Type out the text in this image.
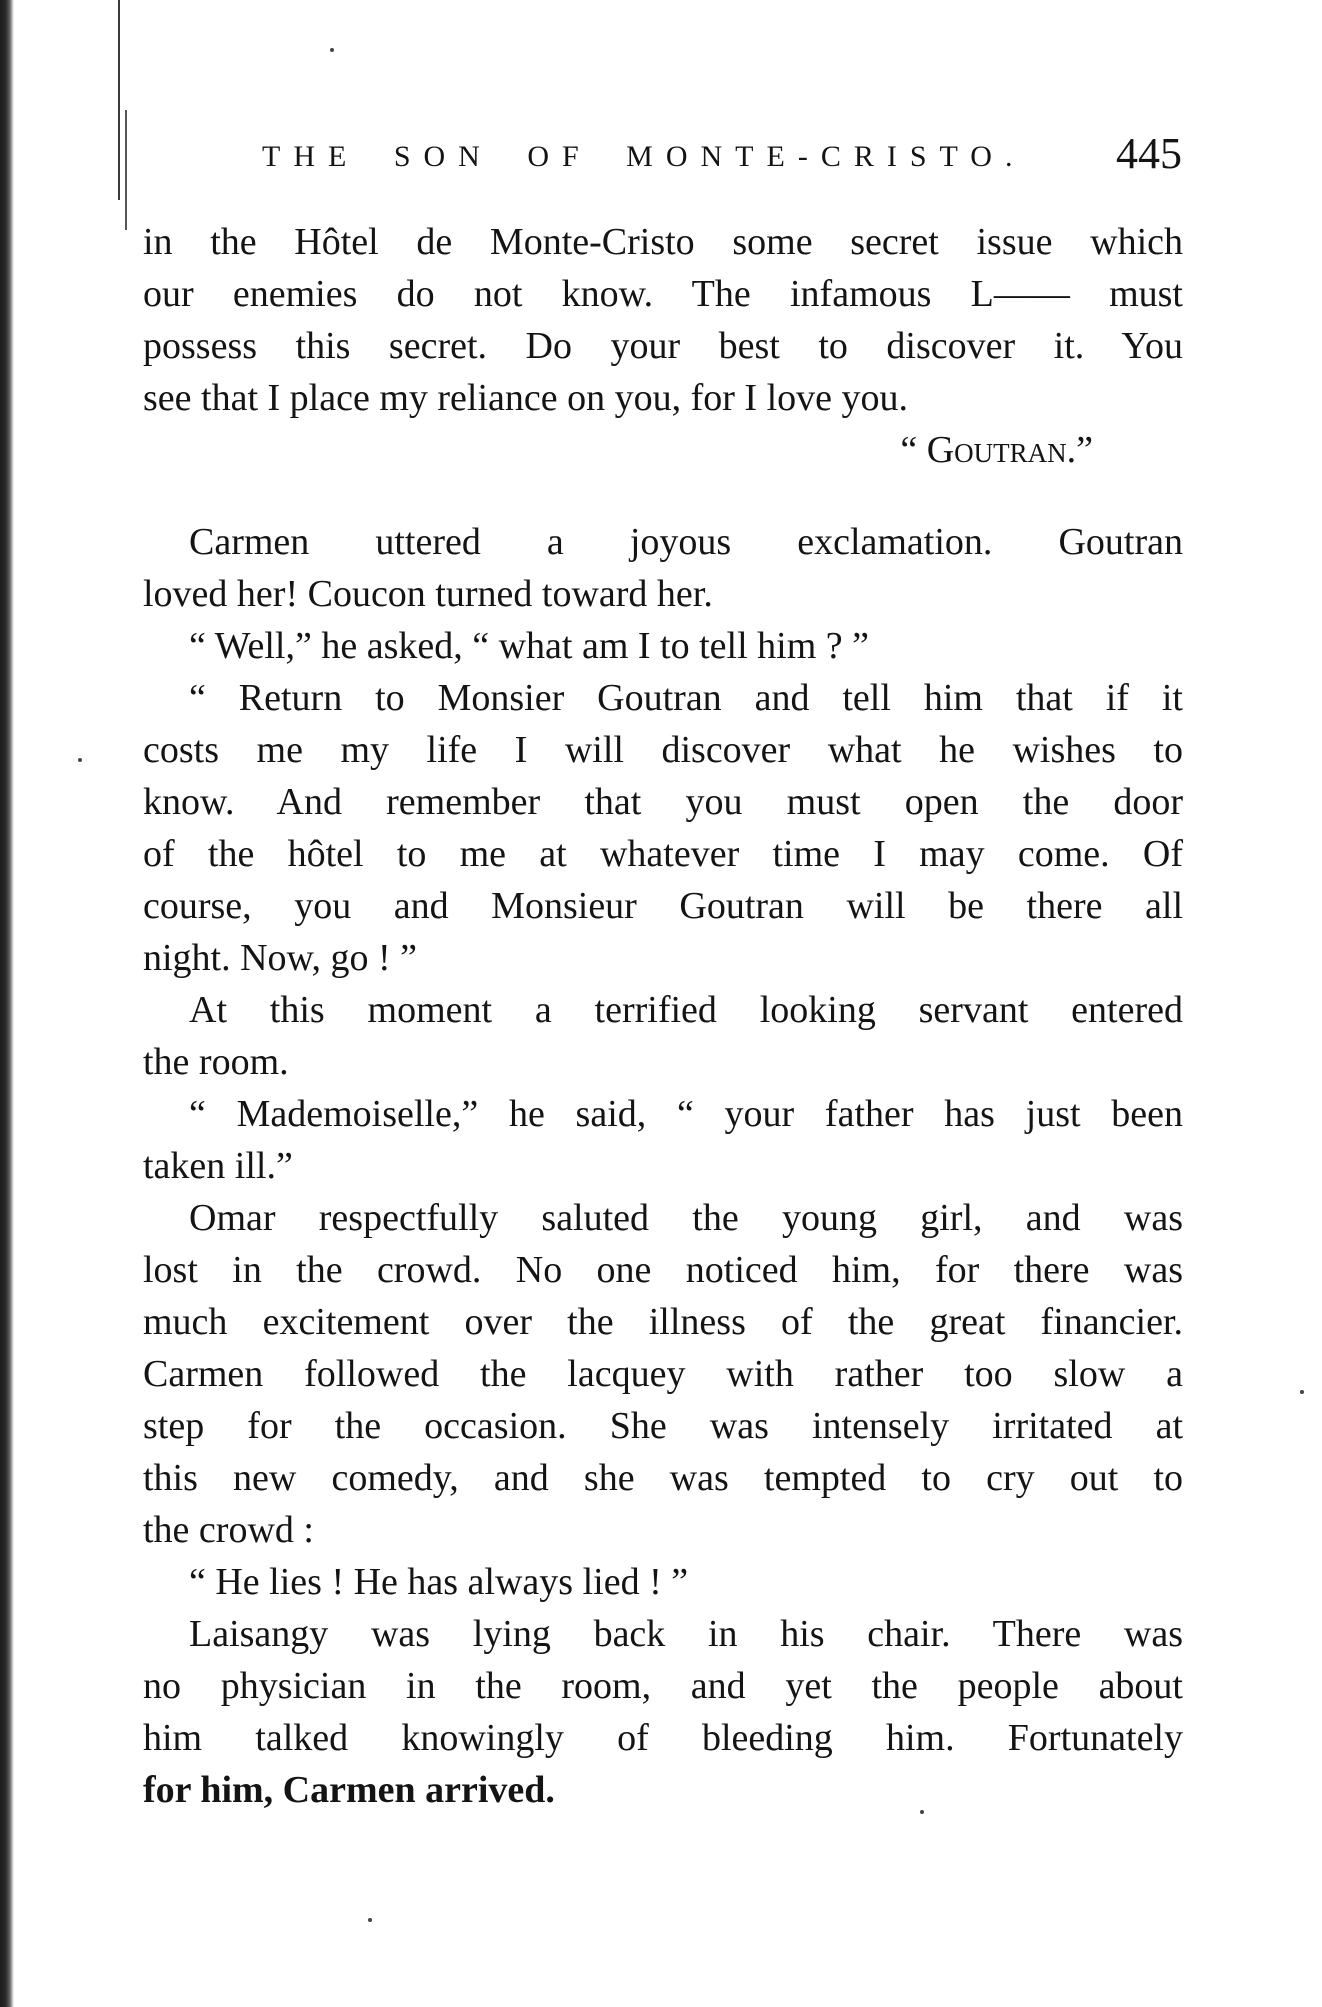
THE SON OF MONTE-CRISTO. 445
in the Hôtel de Monte-Cristo some secret issue which
our enemies do not know. The infamous L—— must
possess this secret. Do your best to discover it. You
see that I place my reliance on you, for I love you.
“ Goutran.”
Carmen uttered a joyous exclamation. Goutran
loved her! Coucon turned toward her.
“ Well,” he asked, “ what am I to tell him ? ”
“ Return to Monsier Goutran and tell him that if it
costs me my life I will discover what he wishes to
know. And remember that you must open the door
of the hôtel to me at whatever time I may come. Of
course, you and Monsieur Goutran will be there all
night. Now, go ! ”
At this moment a terrified looking servant entered
the room.
“ Mademoiselle,” he said, “ your father has just been
taken ill.”
Omar respectfully saluted the young girl, and was
lost in the crowd. No one noticed him, for there was
much excitement over the illness of the great financier.
Carmen followed the lacquey with rather too slow a
step for the occasion. She was intensely irritated at
this new comedy, and she was tempted to cry out to
the crowd :
“ He lies ! He has always lied ! ”
Laisangy was lying back in his chair. There was
no physician in the room, and yet the people about
him talked knowingly of bleeding him. Fortunately
for him, Carmen arrived.
